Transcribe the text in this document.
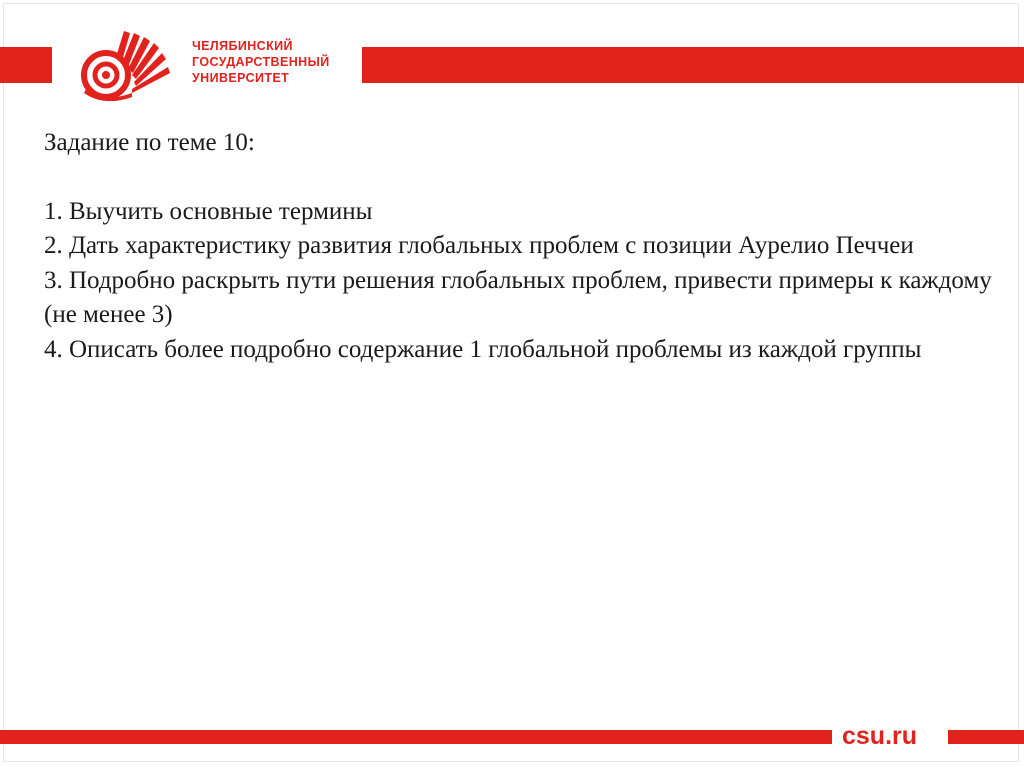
ЧЕЛЯБИНСКИЙ
ГОСУДАРСТВЕННЫЙ
УНИВЕРСИТЕТ
Задание по теме 10:
1. Выучить основные термины
2. Дать характеристику развития глобальных проблем с позиции Аурелио Печчеи
3. Подробно раскрыть пути решения глобальных проблем, привести примеры к каждому (не менее 3)
4. Описать более подробно содержание 1 глобальной проблемы из каждой группы
csu.ru
